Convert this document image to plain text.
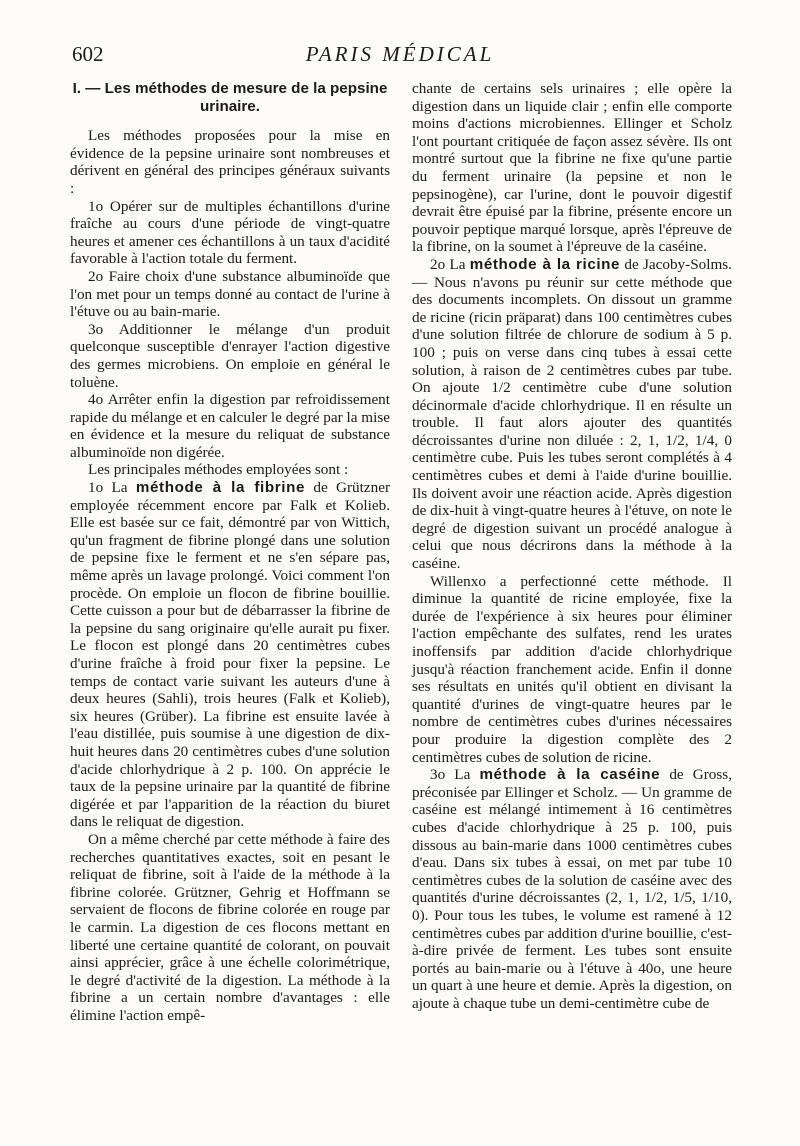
602	PARIS MÉDICAL
I. — Les méthodes de mesure de la pepsine urinaire.

Les méthodes proposées pour la mise en évidence de la pepsine urinaire sont nombreuses et dérivent en général des principes généraux suivants :

1o Opérer sur de multiples échantillons d'urine fraîche au cours d'une période de vingt-quatre heures et amener ces échantillons à un taux d'acidité favorable à l'action totale du ferment.

2o Faire choix d'une substance albuminoïde que l'on met pour un temps donné au contact de l'urine à l'étuve ou au bain-marie.

3o Additionner le mélange d'un produit quelconque susceptible d'enrayer l'action digestive des germes microbiens. On emploie en général le toluène.

4o Arrêter enfin la digestion par refroidissement rapide du mélange et en calculer le degré par la mise en évidence et la mesure du reliquat de substance albuminoïde non digérée.

Les principales méthodes employées sont :

1o La méthode à la fibrine de Grützner employée récemment encore par Falk et Kolieb. Elle est basée sur ce fait, démontré par von Wittich, qu'un fragment de fibrine plongé dans une solution de pepsine fixe le ferment et ne s'en sépare pas, même après un lavage prolongé. Voici comment l'on procède. On emploie un flocon de fibrine bouillie. Cette cuisson a pour but de débarrasser la fibrine de la pepsine du sang originaire qu'elle aurait pu fixer. Le flocon est plongé dans 20 centimètres cubes d'urine fraîche à froid pour fixer la pepsine. Le temps de contact varie suivant les auteurs d'une à deux heures (Sahli), trois heures (Falk et Kolieb), six heures (Grüber). La fibrine est ensuite lavée à l'eau distillée, puis soumise à une digestion de dix-huit heures dans 20 centimètres cubes d'une solution d'acide chlorhydrique à 2 p. 100. On apprécie le taux de la pepsine urinaire par la quantité de fibrine digérée et par l'apparition de la réaction du biuret dans le reliquat de digestion.

On a même cherché par cette méthode à faire des recherches quantitatives exactes, soit en pesant le reliquat de fibrine, soit à l'aide de la méthode à la fibrine colorée. Grützner, Gehrig et Hoffmann se servaient de flocons de fibrine colorée en rouge par le carmin. La digestion de ces flocons mettant en liberté une certaine quantité de colorant, on pouvait ainsi apprécier, grâce à une échelle colorimétrique, le degré d'activité de la digestion. La méthode à la fibrine a un certain nombre d'avantages : elle élimine l'action empê-

chante de certains sels urinaires ; elle opère la digestion dans un liquide clair ; enfin elle comporte moins d'actions microbiennes. Ellinger et Scholz l'ont pourtant critiquée de façon assez sévère. Ils ont montré surtout que la fibrine ne fixe qu'une partie du ferment urinaire (la pepsine et non le pepsinogène), car l'urine, dont le pouvoir digestif devrait être épuisé par la fibrine, présente encore un pouvoir peptique marqué lorsque, après l'épreuve de la fibrine, on la soumet à l'épreuve de la caséine.

2o La méthode à la ricine de Jacoby-Solms. — Nous n'avons pu réunir sur cette méthode que des documents incomplets. On dissout un gramme de ricine (ricin präparat) dans 100 centimètres cubes d'une solution filtrée de chlorure de sodium à 5 p. 100 ; puis on verse dans cinq tubes à essai cette solution, à raison de 2 centimètres cubes par tube. On ajoute 1/2 centimètre cube d'une solution décinormale d'acide chlorhydrique. Il en résulte un trouble. Il faut alors ajouter des quantités décroissantes d'urine non diluée : 2, 1, 1/2, 1/4, 0 centimètre cube. Puis les tubes seront complétés à 4 centimètres cubes et demi à l'aide d'urine bouillie. Ils doivent avoir une réaction acide. Après digestion de dix-huit à vingt-quatre heures à l'étuve, on note le degré de digestion suivant un procédé analogue à celui que nous décrirons dans la méthode à la caséine.

Willenxo a perfectionné cette méthode. Il diminue la quantité de ricine employée, fixe la durée de l'expérience à six heures pour éliminer l'action empêchante des sulfates, rend les urates inoffensifs par addition d'acide chlorhydrique jusqu'à réaction franchement acide. Enfin il donne ses résultats en unités qu'il obtient en divisant la quantité d'urines de vingt-quatre heures par le nombre de centimètres cubes d'urines nécessaires pour produire la digestion complète des 2 centimètres cubes de solution de ricine.

3o La méthode à la caséine de Gross, préconisée par Ellinger et Scholz. — Un gramme de caséine est mélangé intimement à 16 centimètres cubes d'acide chlorhydrique à 25 p. 100, puis dissous au bain-marie dans 1000 centimètres cubes d'eau. Dans six tubes à essai, on met par tube 10 centimètres cubes de la solution de caséine avec des quantités d'urine décroissantes (2, 1, 1/2, 1/5, 1/10, 0). Pour tous les tubes, le volume est ramené à 12 centimètres cubes par addition d'urine bouillie, c'est-à-dire privée de ferment. Les tubes sont ensuite portés au bain-marie ou à l'étuve à 40o, une heure un quart à une heure et demie. Après la digestion, on ajoute à chaque tube un demi-centimètre cube de
